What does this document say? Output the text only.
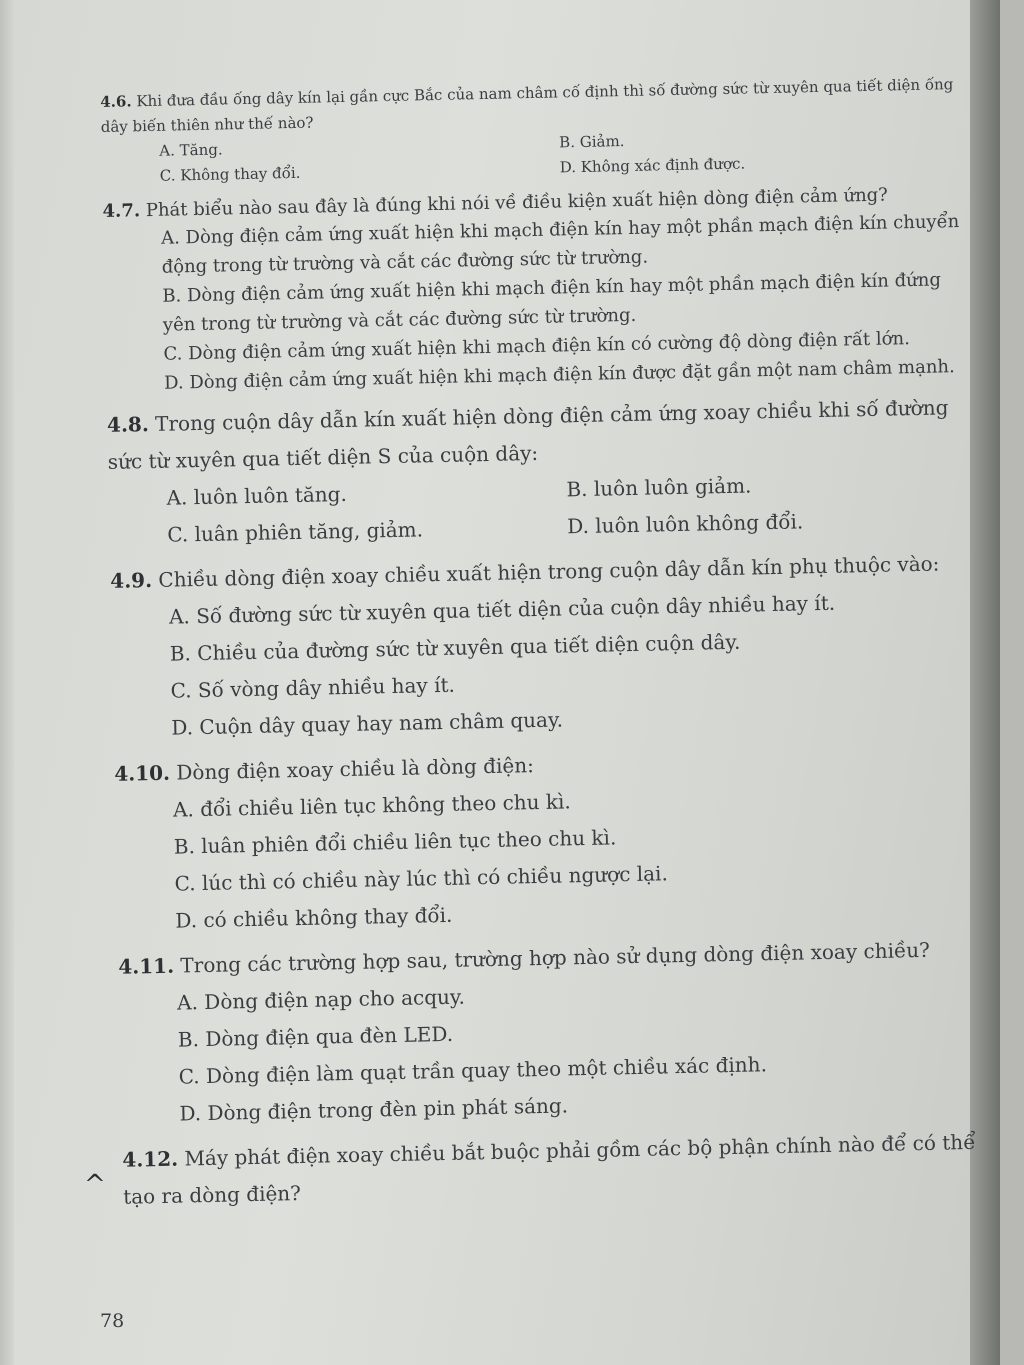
4.6. Khi đưa đầu ống dây kín lại gần cực Bắc của nam châm cố định thì số đường sức từ xuyên qua tiết diện ống dây biến thiên như thế nào?
A. Tăng.	B. Giảm.
C. Không thay đổi.	D. Không xác định được.
4.7. Phát biểu nào sau đây là đúng khi nói về điều kiện xuất hiện dòng điện cảm ứng?
A. Dòng điện cảm ứng xuất hiện khi mạch điện kín hay một phần mạch điện kín chuyển động trong từ trường và cắt các đường sức từ trường.
B. Dòng điện cảm ứng xuất hiện khi mạch điện kín hay một phần mạch điện kín đứng yên trong từ trường và cắt các đường sức từ trường.
C. Dòng điện cảm ứng xuất hiện khi mạch điện kín có cường độ dòng điện rất lớn.
D. Dòng điện cảm ứng xuất hiện khi mạch điện kín được đặt gần một nam châm mạnh.
4.8. Trong cuộn dây dẫn kín xuất hiện dòng điện cảm ứng xoay chiều khi số đường sức từ xuyên qua tiết diện S của cuộn dây:
A. luôn luôn tăng.	B. luôn luôn giảm.
C. luân phiên tăng, giảm.	D. luôn luôn không đổi.
4.9. Chiều dòng điện xoay chiều xuất hiện trong cuộn dây dẫn kín phụ thuộc vào:
A. Số đường sức từ xuyên qua tiết diện của cuộn dây nhiều hay ít.
B. Chiều của đường sức từ xuyên qua tiết diện cuộn dây.
C. Số vòng dây nhiều hay ít.
D. Cuộn dây quay hay nam châm quay.
4.10. Dòng điện xoay chiều là dòng điện:
A. đổi chiều liên tục không theo chu kì.
B. luân phiên đổi chiều liên tục theo chu kì.
C. lúc thì có chiều này lúc thì có chiều ngược lại.
D. có chiều không thay đổi.
4.11. Trong các trường hợp sau, trường hợp nào sử dụng dòng điện xoay chiều?
A. Dòng điện nạp cho acquy.
B. Dòng điện qua đèn LED.
C. Dòng điện làm quạt trần quay theo một chiều xác định.
D. Dòng điện trong đèn pin phát sáng.
4.12. Máy phát điện xoay chiều bắt buộc phải gồm các bộ phận chính nào để có thể tạo ra dòng điện?
^
78
